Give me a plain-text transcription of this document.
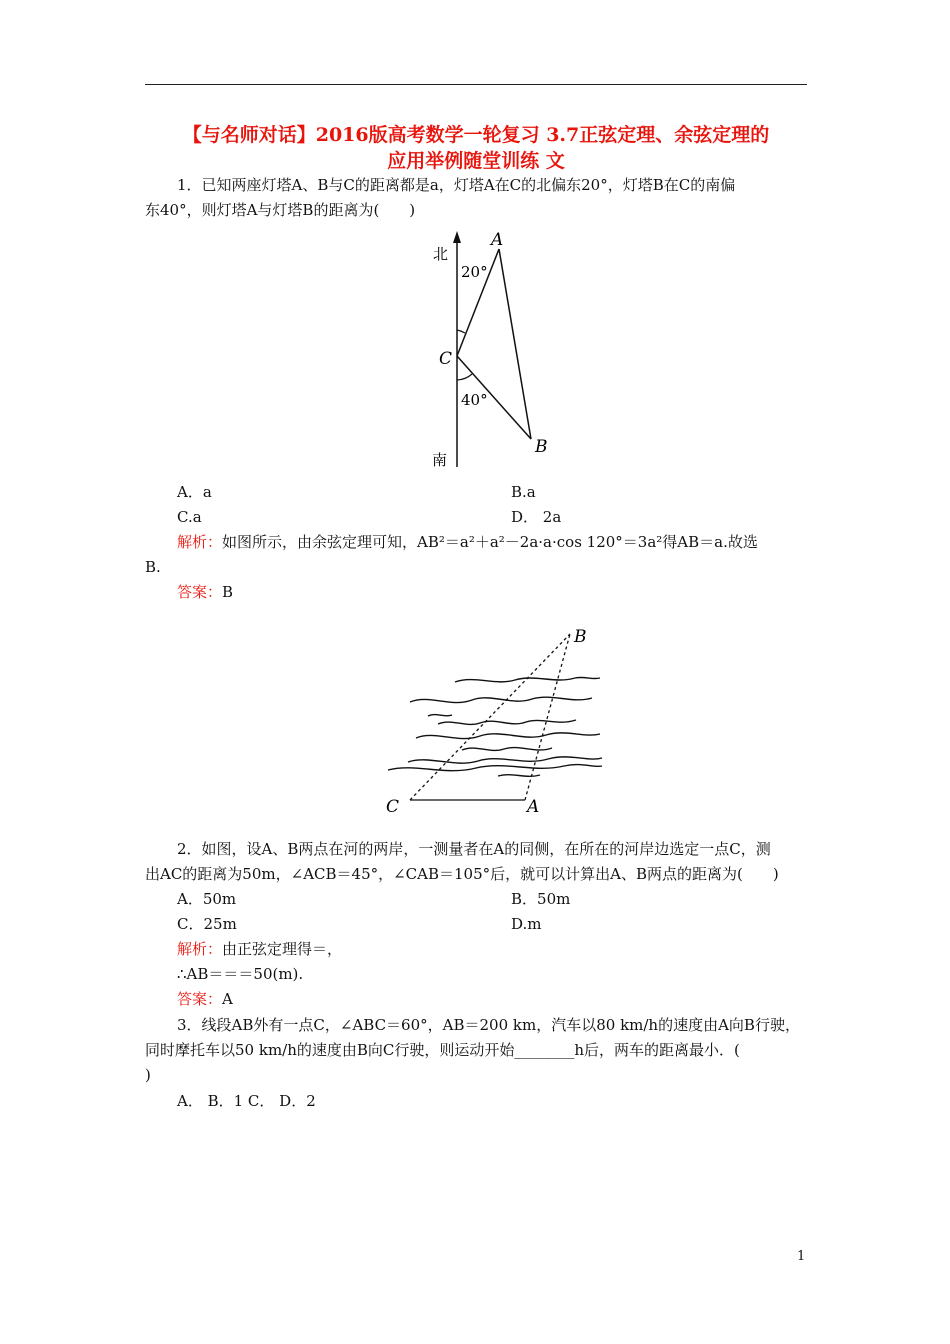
【与名师对话】2016版高考数学一轮复习 3.7正弦定理、余弦定理的
应用举例随堂训练 文
1．已知两座灯塔A、B与C的距离都是a，灯塔A在C的北偏东20°，灯塔B在C的南偏
东40°，则灯塔A与灯塔B的距离为(　　)
北
南
20°
40°
A
C
B
A．a	B.a
C.a	D． 2a
解析：如图所示，由余弦定理可知，AB²＝a²＋a²－2a·a·cos 120°＝3a²得AB＝a.故选
B.
答案：B
C	A
B
2．如图，设A、B两点在河的两岸，一测量者在A的同侧，在所在的河岸边选定一点C，测
出AC的距离为50m，∠ACB＝45°，∠CAB＝105°后，就可以计算出A、B两点的距离为(　　)
A．50m	B．50m
C．25m	D.m
解析：由正弦定理得＝，
∴AB＝＝＝50(m).
答案：A
3．线段AB外有一点C，∠ABC＝60°，AB＝200 km，汽车以80 km/h的速度由A向B行驶，
同时摩托车以50 km/h的速度由B向C行驶，则运动开始________h后，两车的距离最小．(
)
A． B．1 C． D．2
1
